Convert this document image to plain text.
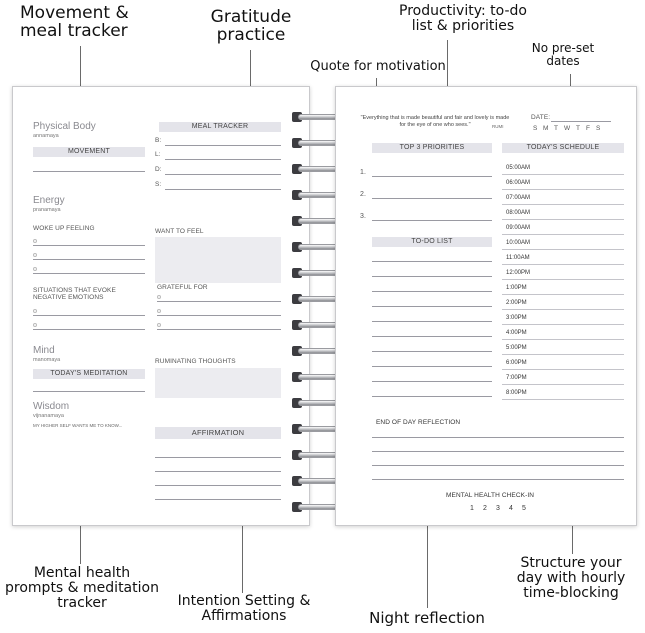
Movement & meal tracker
Gratitude practice
Productivity: to-do list & priorities
Quote for motivation
No pre-set dates
Mental health prompts & meditation tracker	Intention Setting & Affirmations	Night reflection
Structure your day with hourly time-blocking
Physical Body
annamaya
MOVEMENT
Energy
pranamaya
WOKE UP FEELING
SITUATIONS THAT EVOKE NEGATIVE EMOTIONS
Mind
manomaya
TODAY'S MEDITATION
Wisdom
vijnanamaya
MY HIGHER SELF WANTS ME TO KNOW...
MEAL TRACKER
B:
L:
D:
S:
WANT TO FEEL
GRATEFUL FOR
RUMINATING THOUGHTS
AFFIRMATION
"Everything that is made beautiful and fair and lovely is made for the eye of one who sees."	RUMI
DATE:
S M T W T F S
TOP 3 PRIORITIES
1.
2.
3.
TO-DO LIST
TODAY'S SCHEDULE
05:00AM
06:00AM
07:00AM
08:00AM
09:00AM
10:00AM
11:00AM
12:00PM
1:00PM
2:00PM
3:00PM
4:00PM
5:00PM
6:00PM
7:00PM
8:00PM
END OF DAY REFLECTION
MENTAL HEALTH CHECK-IN
1 2 3 4 5
